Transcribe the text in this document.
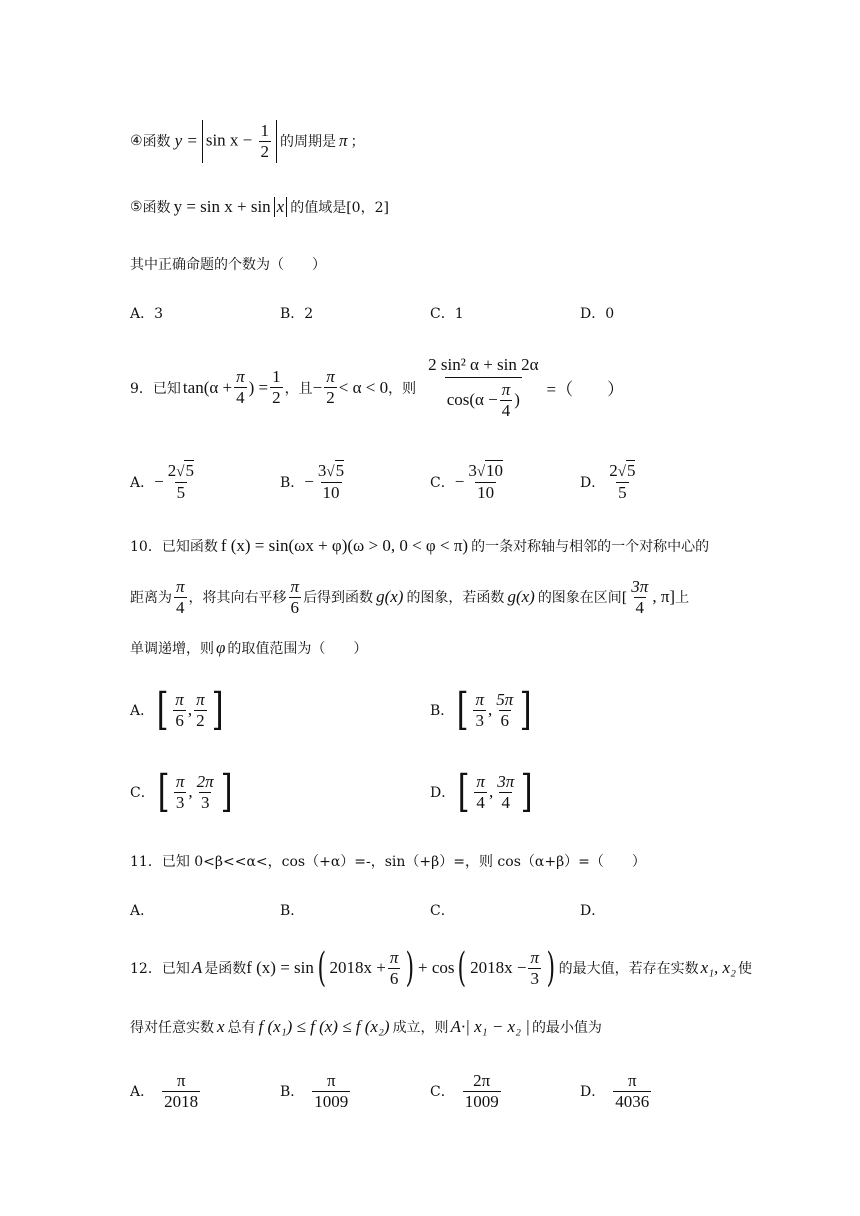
④ 函数 $y = \sin x - \frac{1}{2}$ 的周期是 π ；
⑤ 函数 y = sin x + sin x 的值域是[0，2]
其中正确命题的个数为（　　）
A．3	B．2	C．1	D．0
9．已知 $\tan(\alpha + \frac{\pi}{4}$ ) = $\frac{1}{2}$ ，且 − $\frac{\pi}{2} < \alpha < 0$ ，则 $\frac{\text{2 sin² α + sin 2α}}{\cos(\alpha - \frac{\pi}{4} )}$ =（　　）
A． − $\frac{2√5}{5}$	B． − $\frac{3√5}{10}$	C． − $\frac{3√10}{10}$	D． $\frac{2√5}{5}$
10．已知函数 f (x) = sin(ωx + φ)(ω > 0, 0 < φ < π) 的一条对称轴与相邻的一个对称中心的
距离为 $\frac{\pi}{4}$ ，将其向右平移 $\frac{\pi}{6}$ 后得到函数 g(x) 的图象，若函数 g(x) 的图象在区间[ $\frac{3\pi}{4}$ , π] 上
单调递增，则 φ 的取值范围为（　　）
A． [ $\frac{\pi}{6}$ , $\frac{\pi}{2}$ ]	B． [ $\frac{\pi}{3}$ , $\frac{5\pi}{6}$ ]
C． [ $\frac{\pi}{3}$ , $\frac{2\pi}{3}$ ]	D． [ $\frac{\pi}{4}$ , $\frac{3\pi}{4}$ ]
11．已知 0<β<<α<，cos（+α）=-，sin（+β）=，则 cos（α+β）=（　　）
A．	B．	C．	D．
12．已知 A 是函数 f (x) = sin ( $2018x + \frac{\pi}{6}$ ) + cos ( $2018x - \frac{\pi}{3}$ ) 的最大值，若存在实数 x₁, x₂ 使
得对任意实数 x 总有 f (x₁) ≤ f (x) ≤ f (x₂) 成立，则 A·| x₁ − x₂ | 的最小值为
A． $\frac{\pi}{2018}$	B． $\frac{\pi}{1009}$	C． $\frac{2\pi}{1009}$	D． $\frac{\pi}{4036}$
